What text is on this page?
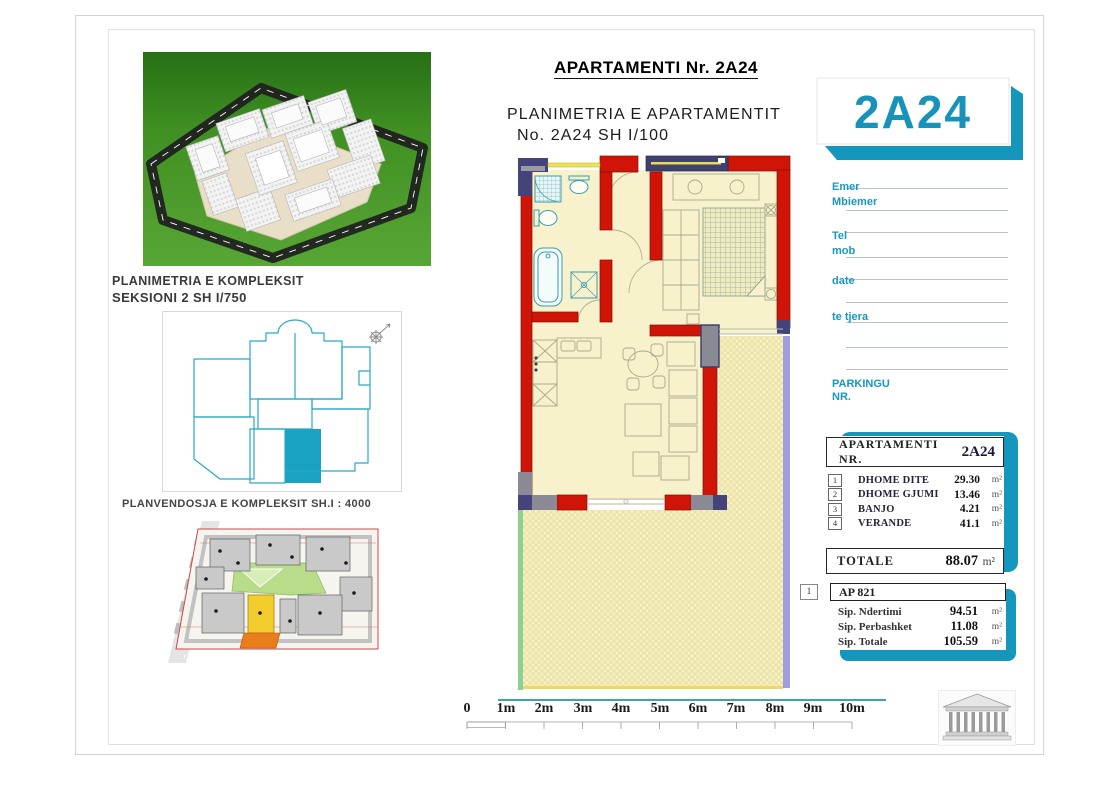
PLANIMETRIA E KOMPLEKSIT
SEKSIONI 2 SH I/750
PLANVENDOSJA E KOMPLEKSIT SH.I : 4000
APARTAMENTI Nr. 2A24
PLANIMETRIA E APARTAMENTIT
No. 2A24 SH I/100	2A24
Emer
Mbiemer
Tel
mob
date
te tjera
PARKINGU
NR.
APARTAMENTI NR.	2A24
1	DHOME DITE	29.30	m²
2	DHOME GJUMI	13.46	m²
3	BANJO	4.21	m²
4	VERANDE	41.1	m²
TOTALE	88.07 m²
1	AP 821
Sip. Ndertimi	94.51	m²
Sip. Perbashket	11.08	m²
Sip. Totale	105.59	m²
0 1m 2m 3m 4m 5m 6m 7m 8m 9m 10m
